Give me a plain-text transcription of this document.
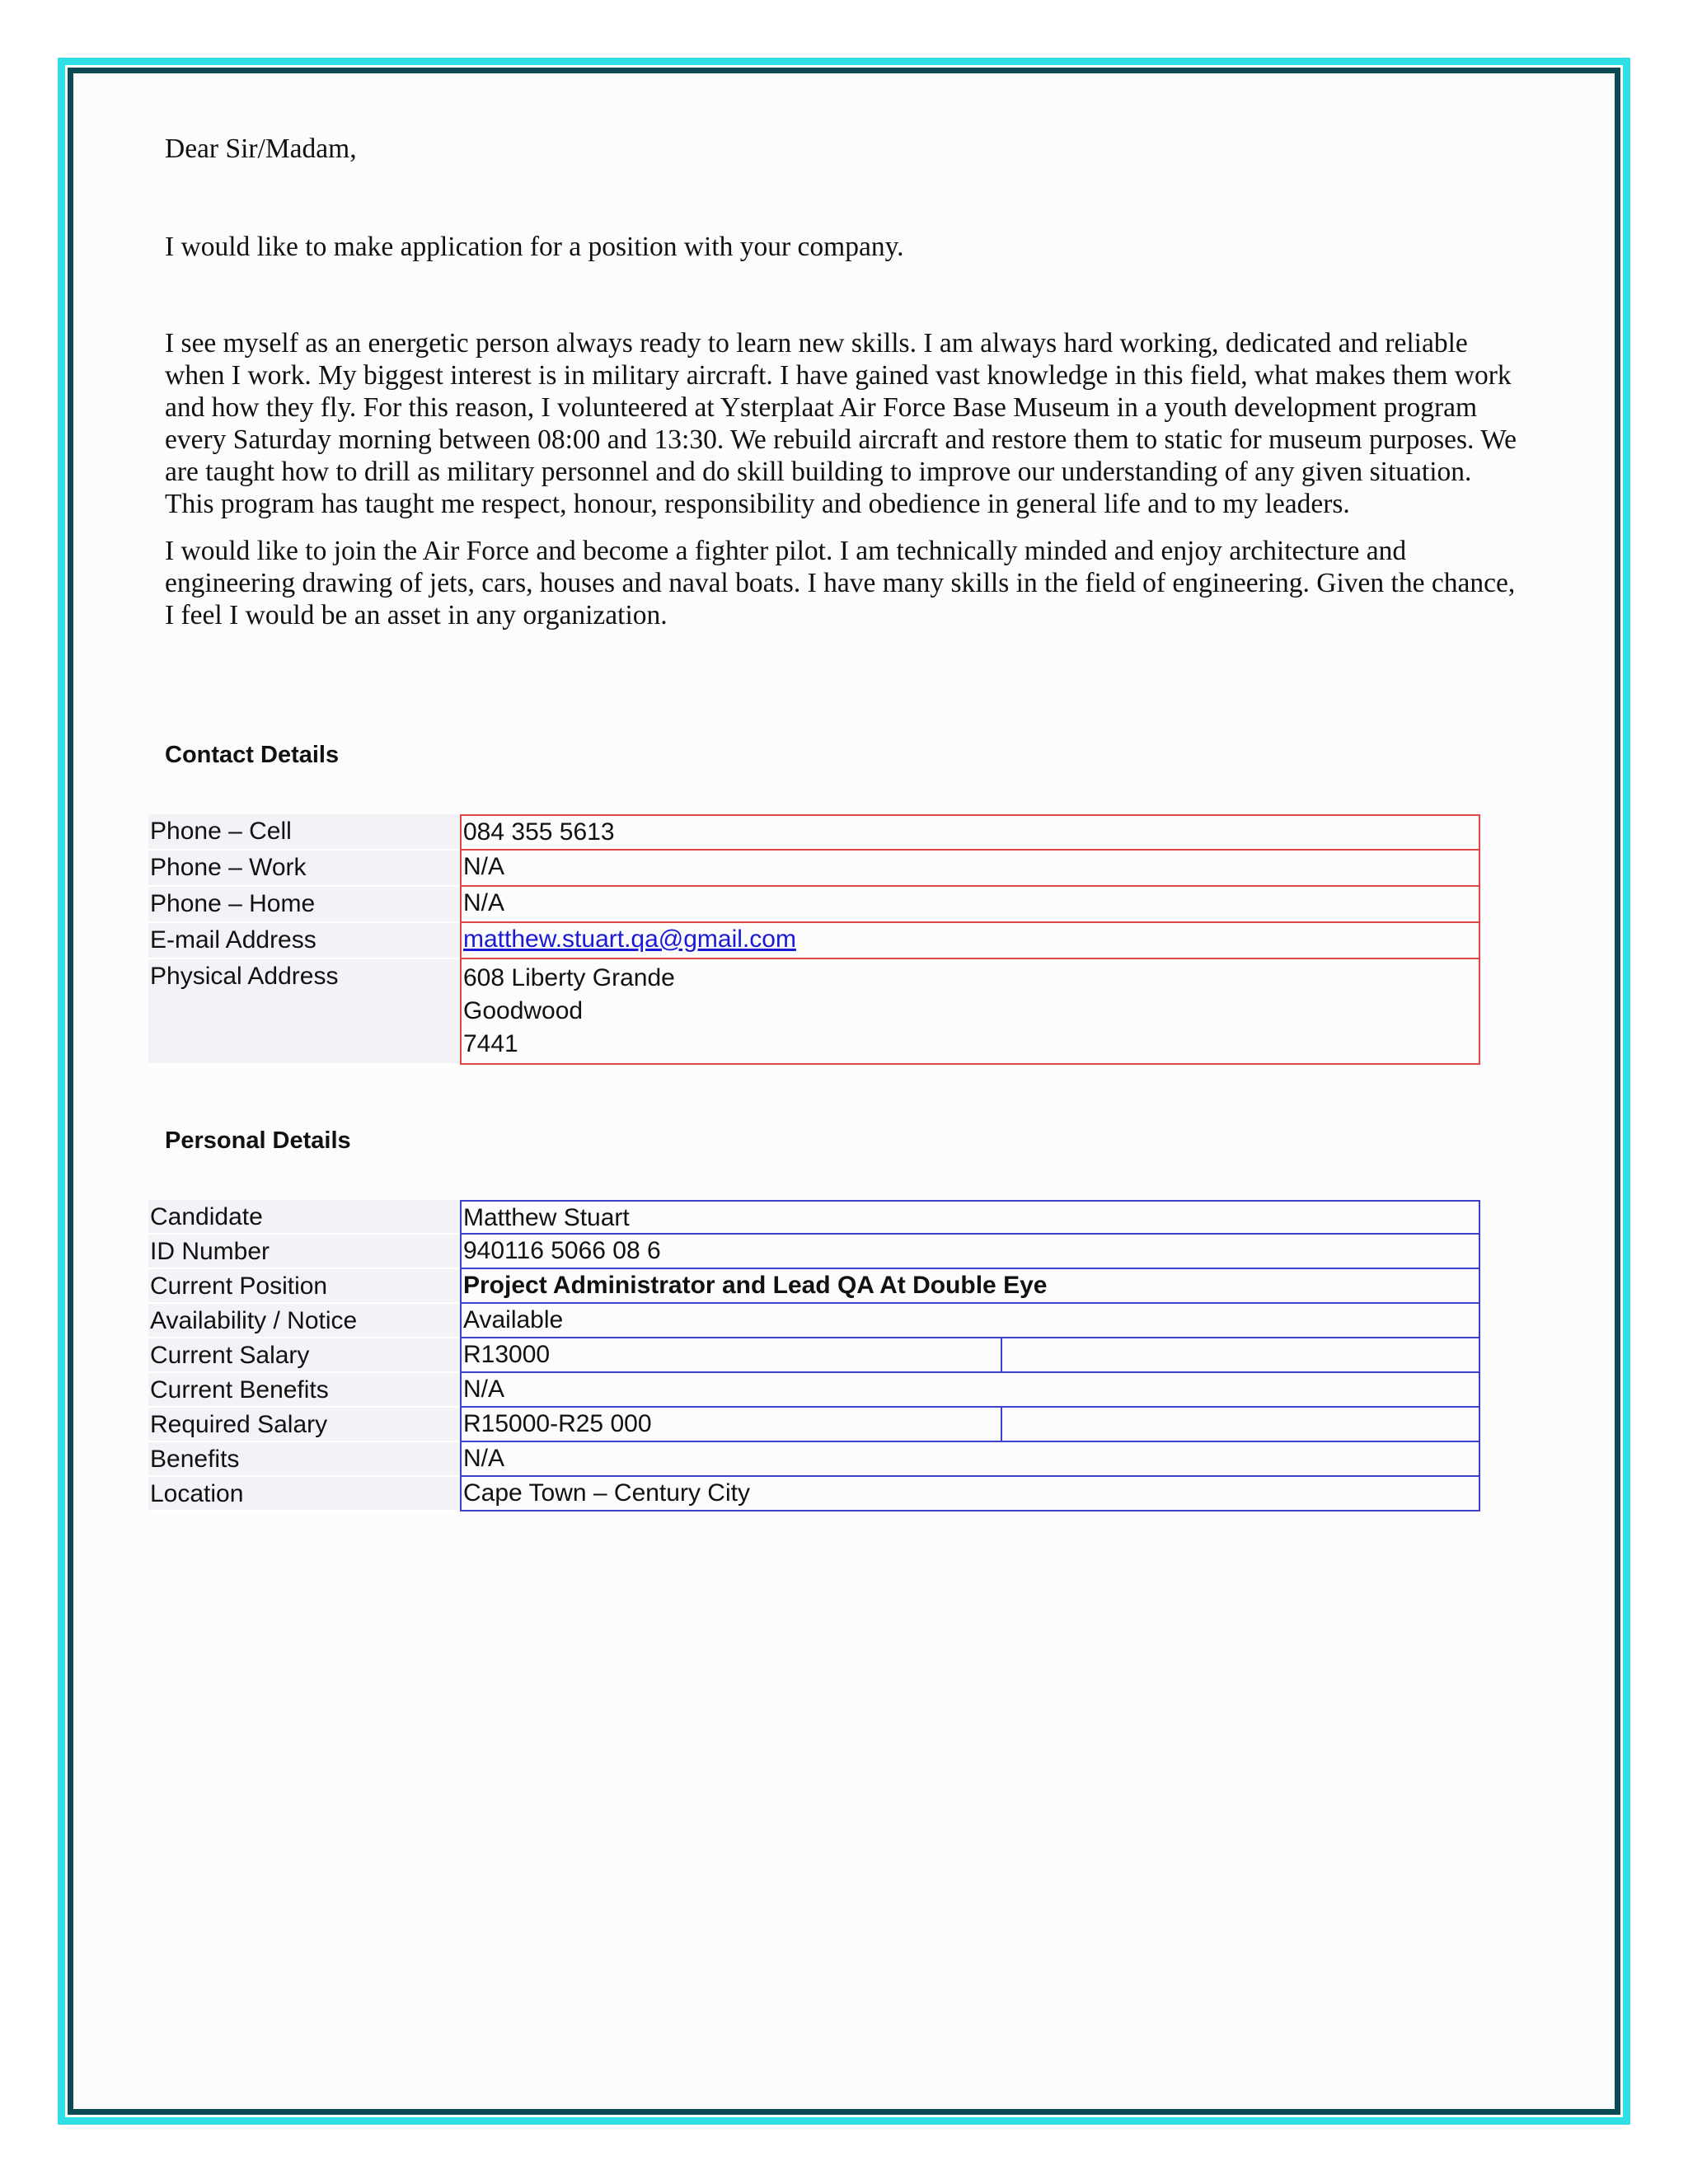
Dear Sir/Madam,
I would like to make application for a position with your company.

I see myself as an energetic person always ready to learn new skills. I am always hard working, dedicated and reliable when I work. My biggest interest is in military aircraft. I have gained vast knowledge in this field, what makes them work and how they fly. For this reason, I volunteered at Ysterplaat Air Force Base Museum in a youth development program every Saturday morning between 08:00 and 13:30. We rebuild aircraft and restore them to static for museum purposes. We are taught how to drill as military personnel and do skill building to improve our understanding of any given situation. This program has taught me respect, honour, responsibility and obedience in general life and to my leaders.

I would like to join the Air Force and become a fighter pilot. I am technically minded and enjoy architecture and engineering drawing of jets, cars, houses and naval boats. I have many skills in the field of engineering. Given the chance, I feel I would be an asset in any organization.

Contact Details
Phone – Cell	084 355 5613
Phone – Work	N/A
Phone – Home	N/A
E-mail Address	matthew.stuart.qa@gmail.com
Physical Address	608 Liberty Grande
Goodwood
7441
Personal Details
Candidate	Matthew Stuart
ID Number	940116 5066 08 6
Current Position	Project Administrator and Lead QA At Double Eye
Availability / Notice	Available
Current Salary	R13000
Current Benefits	N/A
Required Salary	R15000-R25 000
Benefits	N/A
Location	Cape Town – Century City
